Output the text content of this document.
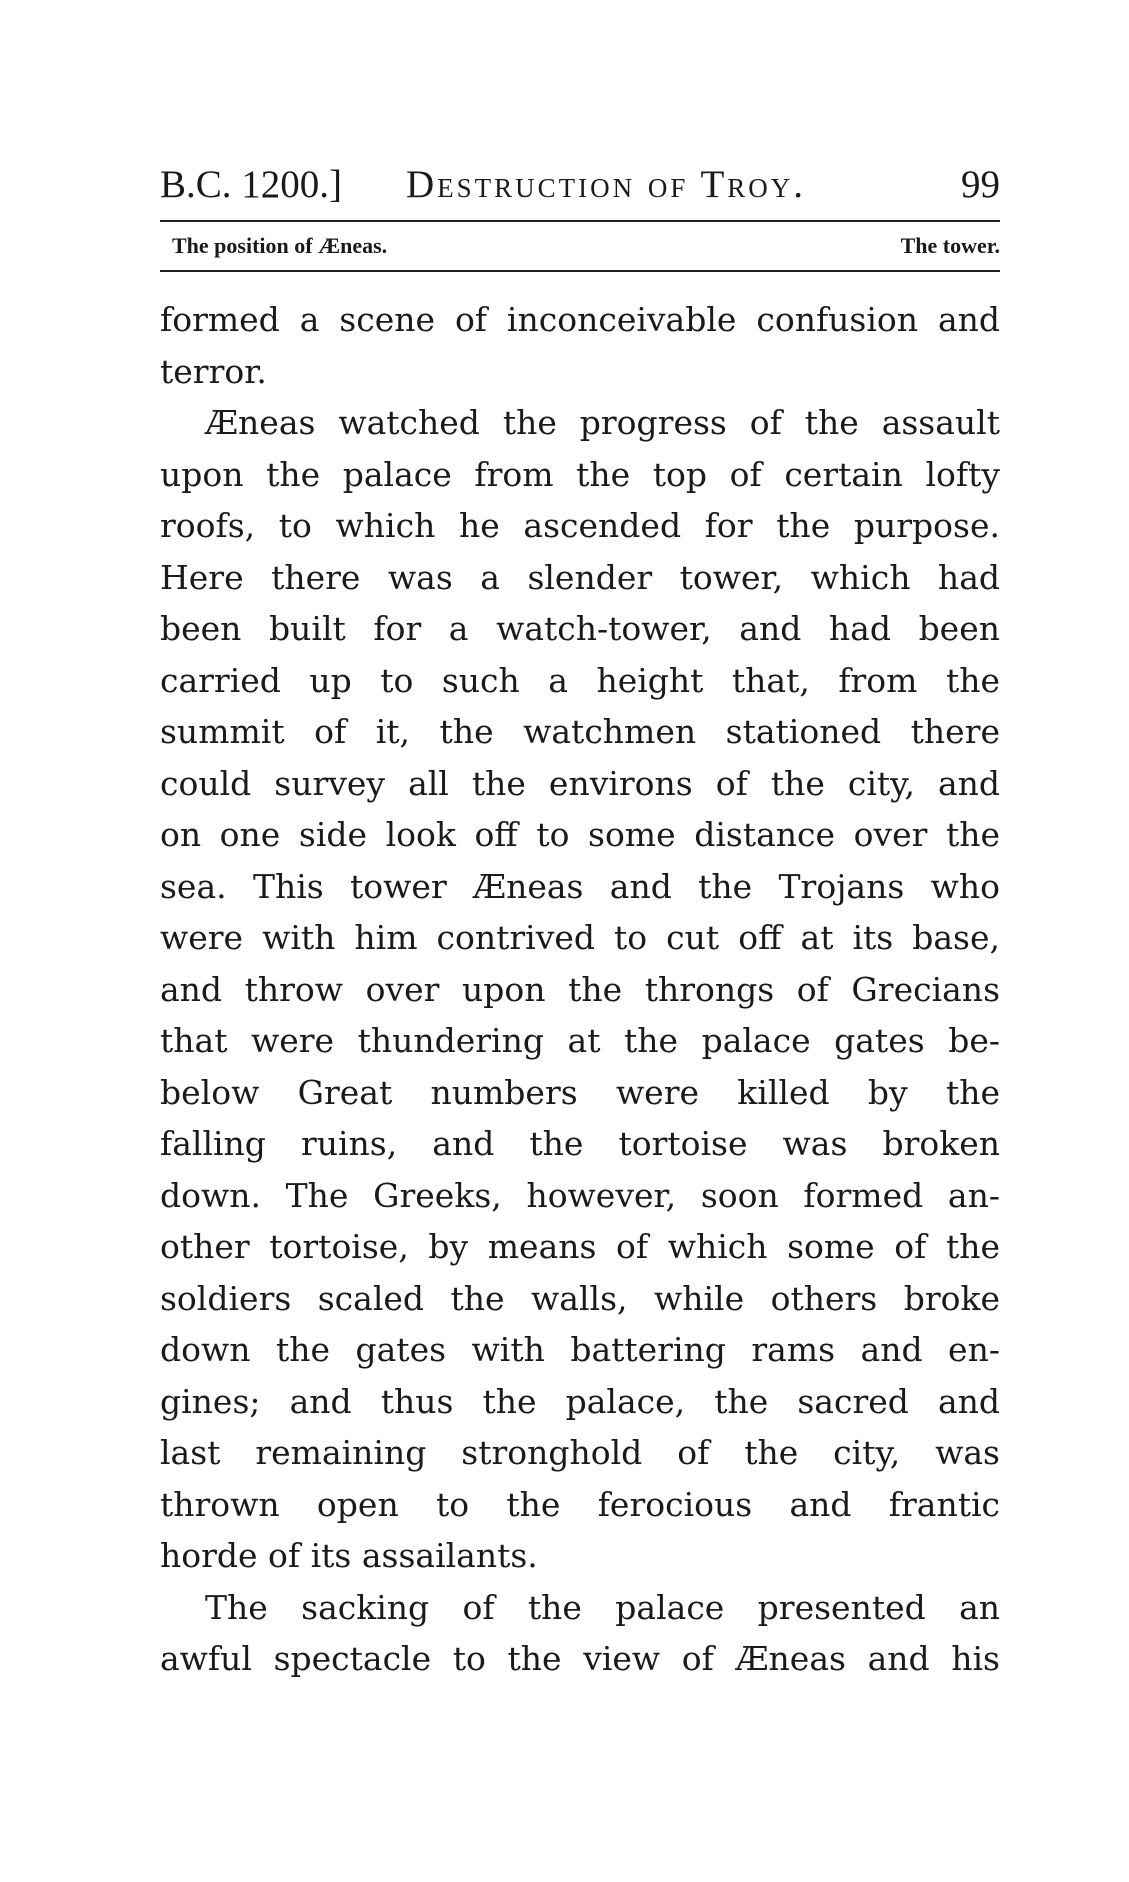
B.C. 1200.] Destruction of Troy.	99
The position of Æneas.	The tower.
formed a scene of inconceivable confusion and
terror.
Æneas watched the progress of the assault
upon the palace from the top of certain lofty
roofs, to which he ascended for the purpose.
Here there was a slender tower, which had
been built for a watch-tower, and had been
carried up to such a height that, from the
summit of it, the watchmen stationed there
could survey all the environs of the city, and
on one side look off to some distance over the
sea. This tower Æneas and the Trojans who
were with him contrived to cut off at its base,
and throw over upon the throngs of Grecians
that were thundering at the palace gates be-
below Great numbers were killed by the
falling ruins, and the tortoise was broken
down. The Greeks, however, soon formed an-
other tortoise, by means of which some of the
soldiers scaled the walls, while others broke
down the gates with battering rams and en-
gines; and thus the palace, the sacred and
last remaining stronghold of the city, was
thrown open to the ferocious and frantic
horde of its assailants.
The sacking of the palace presented an
awful spectacle to the view of Æneas and his
